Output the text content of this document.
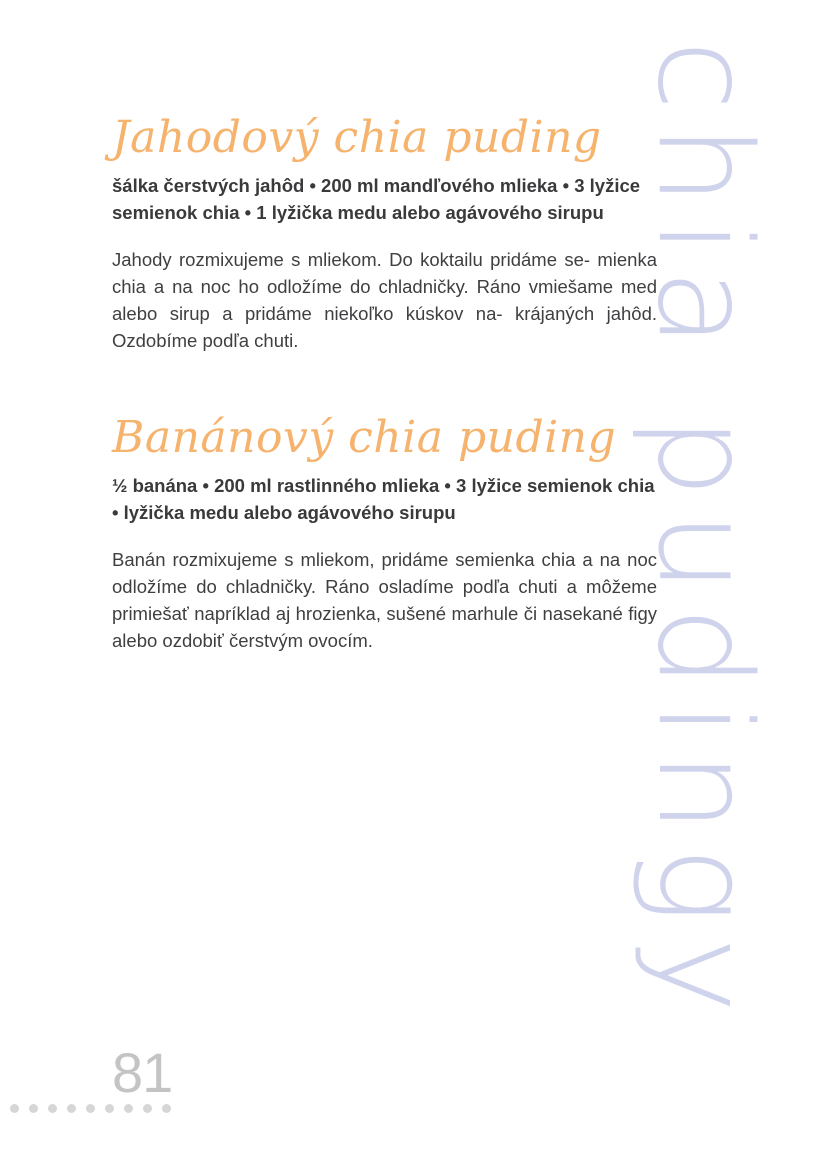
chia pudingy
Jahodový chia puding

šálka čerstvých jahôd • 200 ml mandľového mlieka • 3 lyžice semienok chia • 1 lyžička medu alebo agávového sirupu

Jahody rozmixujeme s mliekom. Do koktailu pridáme se- mienka chia a na noc ho odložíme do chladničky. Ráno vmiešame med alebo sirup a pridáme niekoľko kúskov na- krájaných jahôd. Ozdobíme podľa chuti.

Banánový chia puding

½ banána • 200 ml rastlinného mlieka • 3 lyžice semienok chia • lyžička medu alebo agávového sirupu

Banán rozmixujeme s mliekom, pridáme semienka chia a na noc odložíme do chladničky. Ráno osladíme podľa chuti a môžeme primiešať napríklad aj hrozienka, sušené marhule či nasekané figy alebo ozdobiť čerstvým ovocím.

81
